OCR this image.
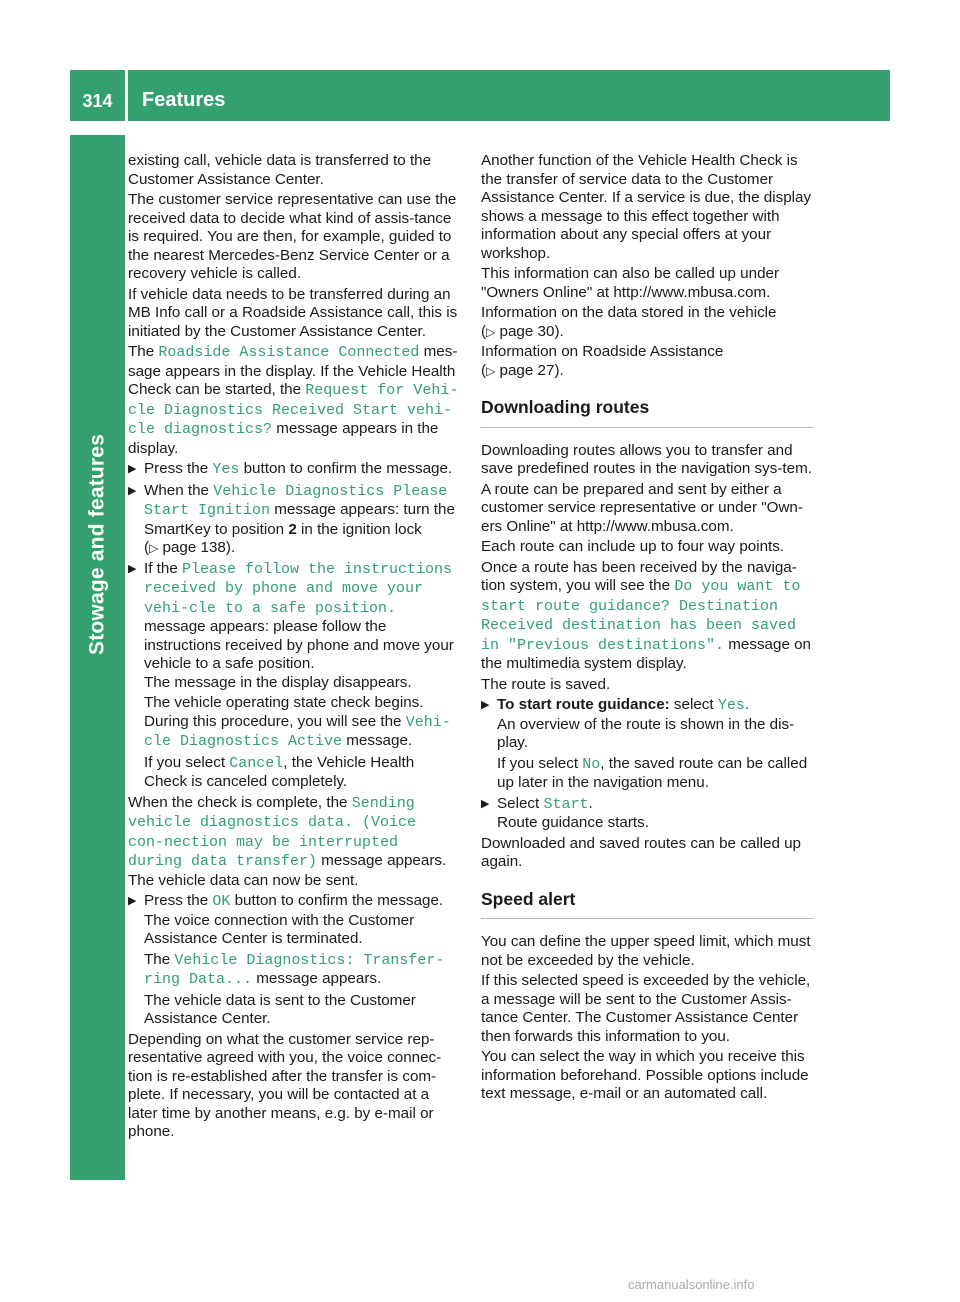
314	Features
Stowage and features

existing call, vehicle data is transferred to the Customer Assistance Center.

The customer service representative can use the received data to decide what kind of assis-tance is required. You are then, for example, guided to the nearest Mercedes-Benz Service Center or a recovery vehicle is called.

If vehicle data needs to be transferred during an MB Info call or a Roadside Assistance call, this is initiated by the Customer Assistance Center.

The Roadside Assistance Connected mes-sage appears in the display. If the Vehicle Health Check can be started, the Request for Vehi-cle Diagnostics Received Start vehi-cle diagnostics? message appears in the display.

▶ Press the Yes button to confirm the message.
▶ When the Vehicle Diagnostics Please Start Ignition message appears: turn the SmartKey to position 2 in the ignition lock (▷ page 138).
▶ If the Please follow the instructions received by phone and move your vehi-cle to a safe position. message appears: please follow the instructions received by phone and move your vehicle to a safe position.
The message in the display disappears.

The vehicle operating state check begins. During this procedure, you will see the Vehi-cle Diagnostics Active message.

If you select Cancel, the Vehicle Health Check is canceled completely.

When the check is complete, the Sending vehicle diagnostics data. (Voice con-nection may be interrupted during data transfer) message appears. The vehicle data can now be sent.

▶ Press the OK button to confirm the message.
The voice connection with the Customer Assistance Center is terminated.

The Vehicle Diagnostics: Transfer-ring Data... message appears.

The vehicle data is sent to the Customer Assistance Center.

Depending on what the customer service rep-resentative agreed with you, the voice connec-tion is re-established after the transfer is com-plete. If necessary, you will be contacted at a later time by another means, e.g. by e-mail or phone.

Another function of the Vehicle Health Check is the transfer of service data to the Customer Assistance Center. If a service is due, the display shows a message to this effect together with information about any special offers at your workshop.

This information can also be called up under "Owners Online" at http://www.mbusa.com.

Information on the data stored in the vehicle
(▷ page 30).

Information on Roadside Assistance
(▷ page 27).

Downloading routes

Downloading routes allows you to transfer and save predefined routes in the navigation sys-tem.

A route can be prepared and sent by either a customer service representative or under "Own-ers Online" at http://www.mbusa.com.

Each route can include up to four way points.

Once a route has been received by the naviga-tion system, you will see the Do you want to start route guidance? Destination Received destination has been saved in "Previous destinations". message on the multimedia system display.

The route is saved.

▶ To start route guidance: select Yes.
An overview of the route is shown in the dis-play.

If you select No, the saved route can be called up later in the navigation menu.

▶ Select Start.
Route guidance starts.

Downloaded and saved routes can be called up again.

Speed alert

You can define the upper speed limit, which must not be exceeded by the vehicle.

If this selected speed is exceeded by the vehicle, a message will be sent to the Customer Assis-tance Center. The Customer Assistance Center then forwards this information to you.

You can select the way in which you receive this information beforehand. Possible options include text message, e-mail or an automated call.

carmanualsonline.info
